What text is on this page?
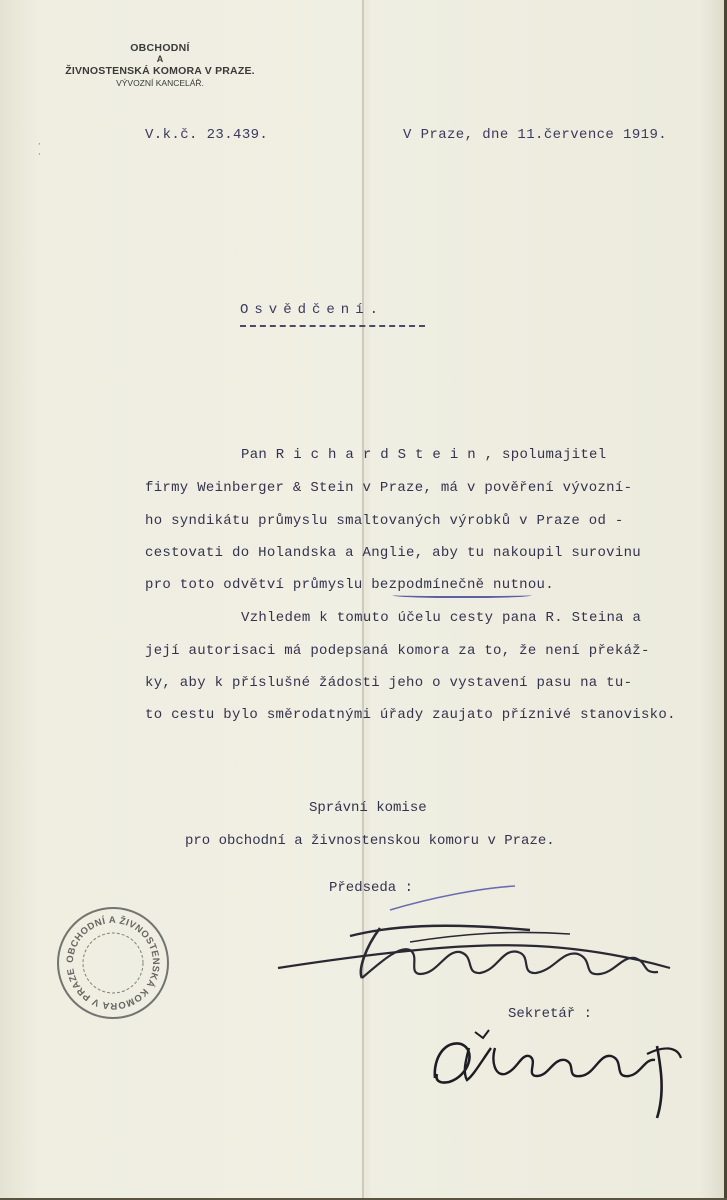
OBCHODNÍ
A
ŽIVNOSTENSKÁ KOMORA V PRAZE.
VÝVOZNÍ KANCELÁŘ.
·
·
V.k.č. 23.439.	V Praze, dne 11.července 1919.
Osvědčení.
Pan R i c h a r d S t e i n , spolumajitel
firmy Weinberger & Stein v Praze, má v pověření vývozní-
ho syndikátu průmyslu smaltovaných výrobků v Praze od -
cestovati do Holandska a Anglie, aby tu nakoupil surovinu
pro toto odvětví průmyslu bezpodmínečně nutnou.
Vzhledem k tomuto účelu cesty pana R. Steina a
její autorisaci má podepsaná komora za to, že není překáž-
ky, aby k příslušné žádosti jeho o vystavení pasu na tu-
to cestu bylo směrodatnými úřady zaujato příznivé stanovisko.
Správní komise
pro obchodní a živnostenskou komoru v Praze.
Předseda :
Sekretář :
OBCHODNÍ A ŽIVNOSTENSKÁ KOMORA V PRAZE
